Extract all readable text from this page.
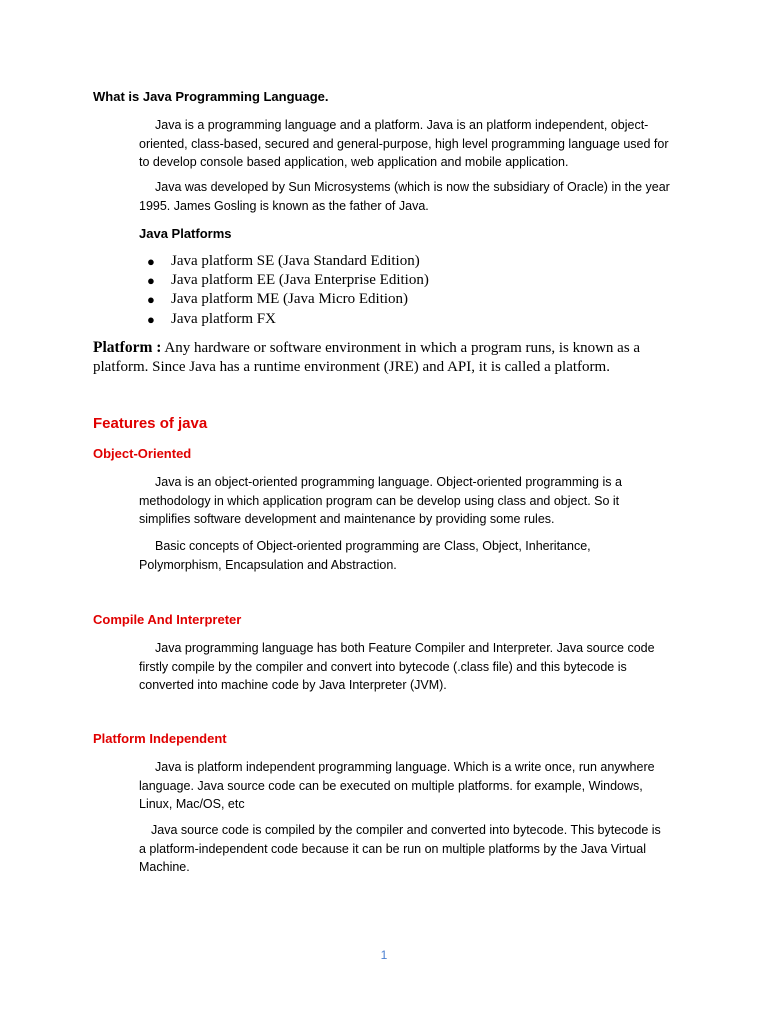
What is Java Programming Language.

Java is a programming language and a platform. Java is an platform independent, object-oriented, class-based, secured and general-purpose, high level programming language used for to develop console based application, web application and mobile application.

Java was developed by Sun Microsystems (which is now the subsidiary of Oracle) in the year 1995. James Gosling is known as the father of Java.

Java Platforms

● Java platform SE (Java Standard Edition)
● Java platform EE (Java Enterprise Edition)
● Java platform ME (Java Micro Edition)
● Java platform FX

Platform : Any hardware or software environment in which a program runs, is known as a platform. Since Java has a runtime environment (JRE) and API, it is called a platform.

Features of java

Object-Oriented

Java is an object-oriented programming language. Object-oriented programming is a methodology in which application program can be develop using class and object. So it simplifies software development and maintenance by providing some rules.

Basic concepts of Object-oriented programming are Class, Object, Inheritance, Polymorphism, Encapsulation and Abstraction.

Compile And Interpreter

Java programming language has both Feature Compiler and Interpreter. Java source code firstly compile by the compiler and convert into bytecode (.class file) and this bytecode is converted into machine code by Java Interpreter (JVM).

Platform Independent

Java is platform independent programming language. Which is a write once, run anywhere language. Java source code can be executed on multiple platforms. for example, Windows, Linux, Mac/OS, etc

Java source code is compiled by the compiler and converted into bytecode. This bytecode is a platform-independent code because it can be run on multiple platforms by the Java Virtual Machine.

1
